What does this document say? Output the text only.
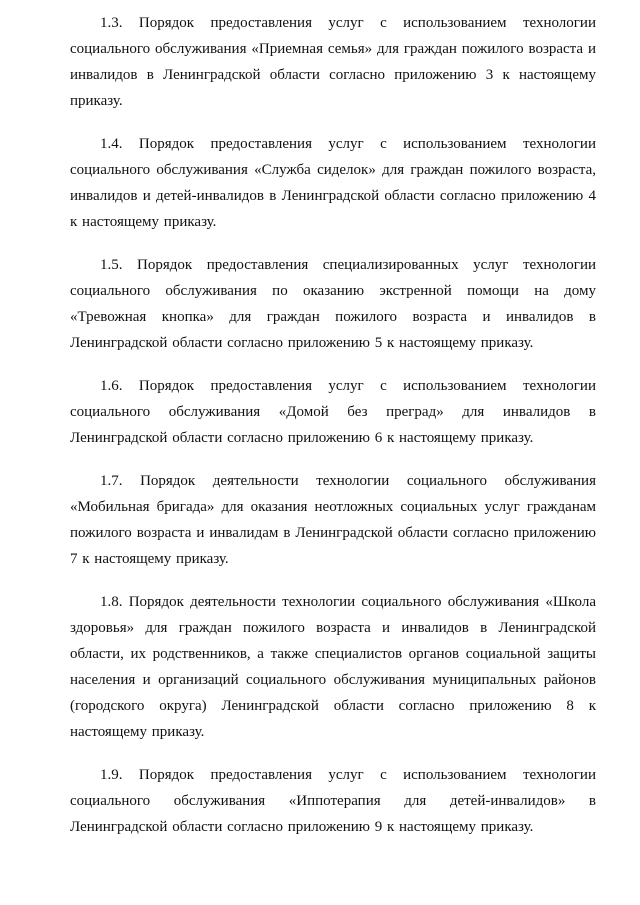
1.3. Порядок предоставления услуг с использованием технологии социального обслуживания «Приемная семья» для граждан пожилого возраста и инвалидов в Ленинградской области согласно приложению 3 к настоящему приказу.

1.4. Порядок предоставления услуг с использованием технологии социального обслуживания «Служба сиделок» для граждан пожилого возраста, инвалидов и детей-инвалидов в Ленинградской области согласно приложению 4 к настоящему приказу.

1.5. Порядок предоставления специализированных услуг технологии социального обслуживания по оказанию экстренной помощи на дому «Тревожная кнопка» для граждан пожилого возраста и инвалидов в Ленинградской области согласно приложению 5 к настоящему приказу.

1.6. Порядок предоставления услуг с использованием технологии социального обслуживания «Домой без преград» для инвалидов в Ленинградской области согласно приложению 6 к настоящему приказу.

1.7. Порядок деятельности технологии социального обслуживания «Мобильная бригада» для оказания неотложных социальных услуг гражданам пожилого возраста и инвалидам в Ленинградской области согласно приложению 7 к настоящему приказу.

1.8. Порядок деятельности технологии социального обслуживания «Школа здоровья» для граждан пожилого возраста и инвалидов в Ленинградской области, их родственников, а также специалистов органов социальной защиты населения и организаций социального обслуживания муниципальных районов (городского округа) Ленинградской области согласно приложению 8 к настоящему приказу.

1.9. Порядок предоставления услуг с использованием технологии социального обслуживания «Иппотерапия для детей-инвалидов» в Ленинградской области согласно приложению 9 к настоящему приказу.
